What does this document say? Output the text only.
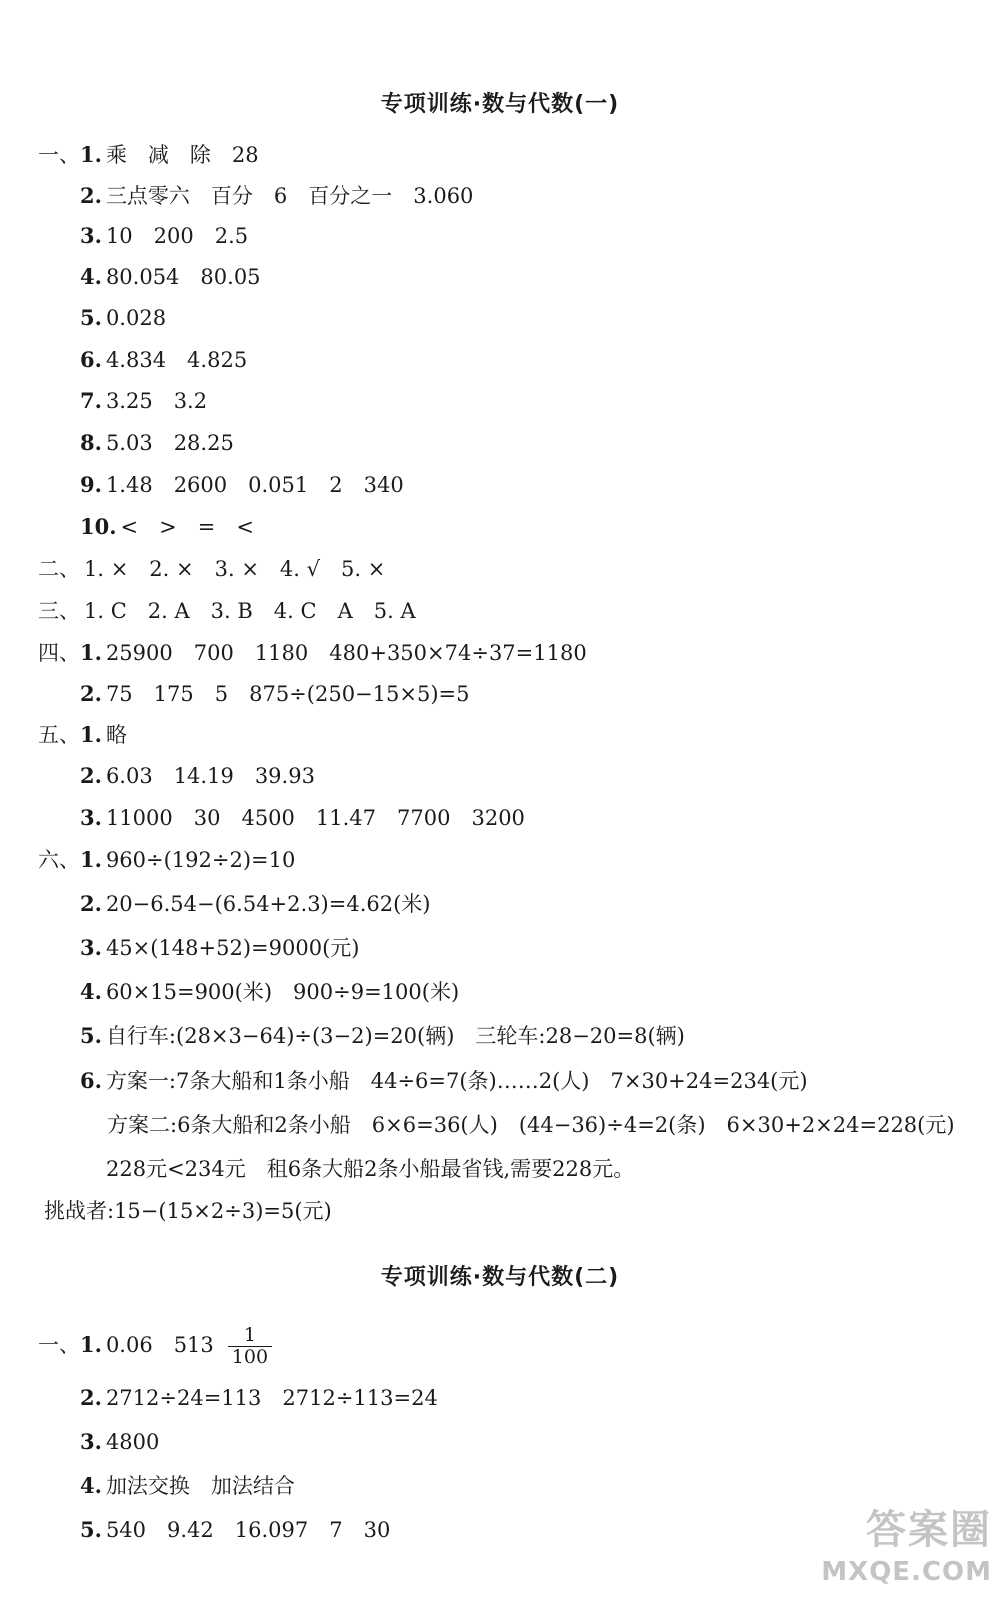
专项训练·数与代数(一)
一、1. 乘　减　除　28
2. 三点零六　百分　6　百分之一　3.060
3. 10　200　2.5
4. 80.054　80.05
5. 0.028
6. 4.834　4.825
7. 3.25　3.2
8. 5.03　28.25
9. 1.48　2600　0.051　2　340
10. <　>　=　<
二、 1. ×　2. ×　3. ×　4. √　5. ×
三、 1. C　2. A　3. B　4. C　A　5. A
四、1. 25900　700　1180　480+350×74÷37=1180
2. 75　175　5　875÷(250−15×5)=5
五、1. 略
2. 6.03　14.19　39.93
3. 11000　30　4500　11.47　7700　3200
六、1. 960÷(192÷2)=10
2. 20−6.54−(6.54+2.3)=4.62(米)
3. 45×(148+52)=9000(元)
4. 60×15=900(米)　900÷9=100(米)
5. 自行车:(28×3−64)÷(3−2)=20(辆)　三轮车:28−20=8(辆)
6. 方案一:7条大船和1条小船　44÷6=7(条)……2(人)　7×30+24=234(元)
方案二:6条大船和2条小船　6×6=36(人)　(44−36)÷4=2(条)　6×30+2×24=228(元)
228元<234元　租6条大船2条小船最省钱,需要228元。
挑战者:15−(15×2÷3)=5(元)
专项训练·数与代数(二)
一、1. 0.06　$513 \frac{1}{100}$
2. 2712÷24=113　2712÷113=24
3. 4800
4. 加法交换　加法结合
5. 540　9.42　16.097　7　30	答案圈
MXQE.COM
